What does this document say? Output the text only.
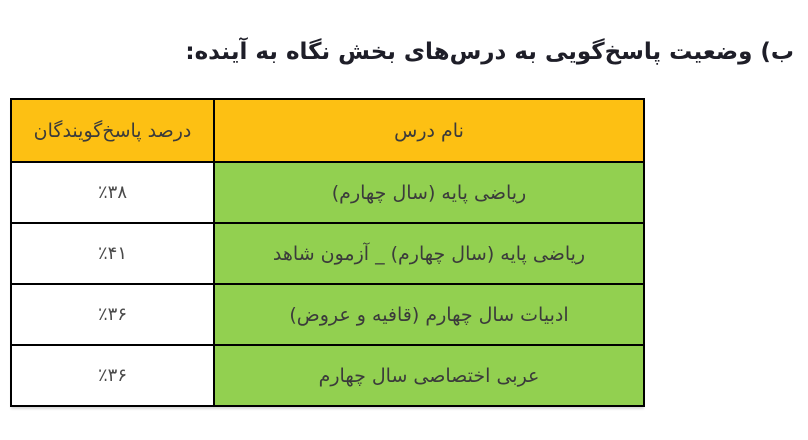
ب) وضعیت پاسخ‌گویی به درس‌های بخش نگاه به آینده:
نام درس	درصد پاسخ‌گویندگان
ریاضی پایه (سال چهارم)	٪۳۸
ریاضی پایه (سال چهارم) _ آزمون شاهد	٪۴۱
ادبیات سال چهارم (قافیه و عروض)	٪۳۶
عربی اختصاصی سال چهارم	٪۳۶
